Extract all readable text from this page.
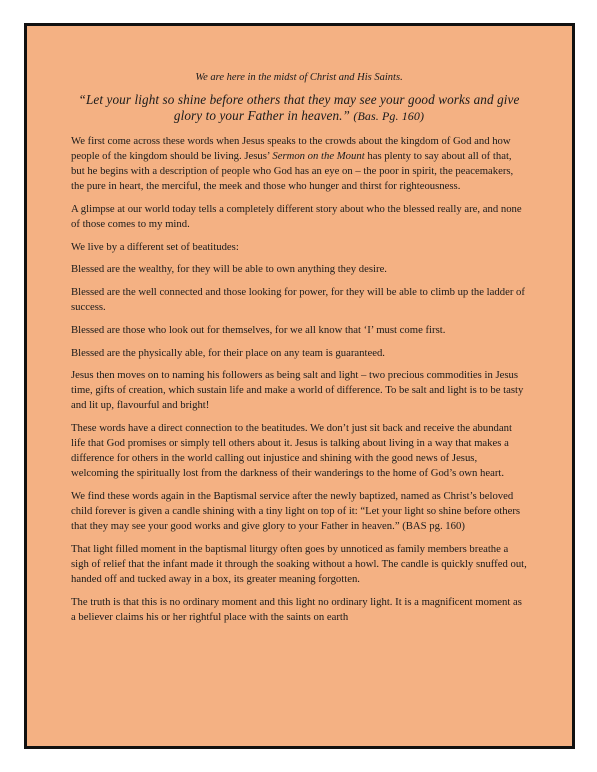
We are here in the midst of Christ and His Saints.

“Let your light so shine before others that they may see your good works and give glory to your Father in heaven.” (Bas. Pg. 160)

We first come across these words when Jesus speaks to the crowds about the kingdom of God and how people of the kingdom should be living. Jesus’ Sermon on the Mount has plenty to say about all of that, but he begins with a description of people who God has an eye on – the poor in spirit, the peacemakers, the pure in heart, the merciful, the meek and those who hunger and thirst for righteousness.

A glimpse at our world today tells a completely different story about who the blessed really are, and none of those comes to my mind.

We live by a different set of beatitudes:

Blessed are the wealthy, for they will be able to own anything they desire.

Blessed are the well connected and those looking for power, for they will be able to climb up the ladder of success.

Blessed are those who look out for themselves, for we all know that ‘I’ must come first.

Blessed are the physically able, for their place on any team is guaranteed.

Jesus then moves on to naming his followers as being salt and light – two precious commodities in Jesus time, gifts of creation, which sustain life and make a world of difference. To be salt and light is to be tasty and lit up, flavourful and bright!

These words have a direct connection to the beatitudes. We don’t just sit back and receive the abundant life that God promises or simply tell others about it. Jesus is talking about living in a way that makes a difference for others in the world calling out injustice and shining with the good news of Jesus, welcoming the spiritually lost from the darkness of their wanderings to the home of God’s own heart.

We find these words again in the Baptismal service after the newly baptized, named as Christ’s beloved child forever is given a candle shining with a tiny light on top of it: “Let your light so shine before others that they may see your good works and give glory to your Father in heaven.” (BAS pg. 160)

That light filled moment in the baptismal liturgy often goes by unnoticed as family members breathe a sigh of relief that the infant made it through the soaking without a howl. The candle is quickly snuffed out, handed off and tucked away in a box, its greater meaning forgotten.

The truth is that this is no ordinary moment and this light no ordinary light. It is a magnificent moment as a believer claims his or her rightful place with the saints on earth
